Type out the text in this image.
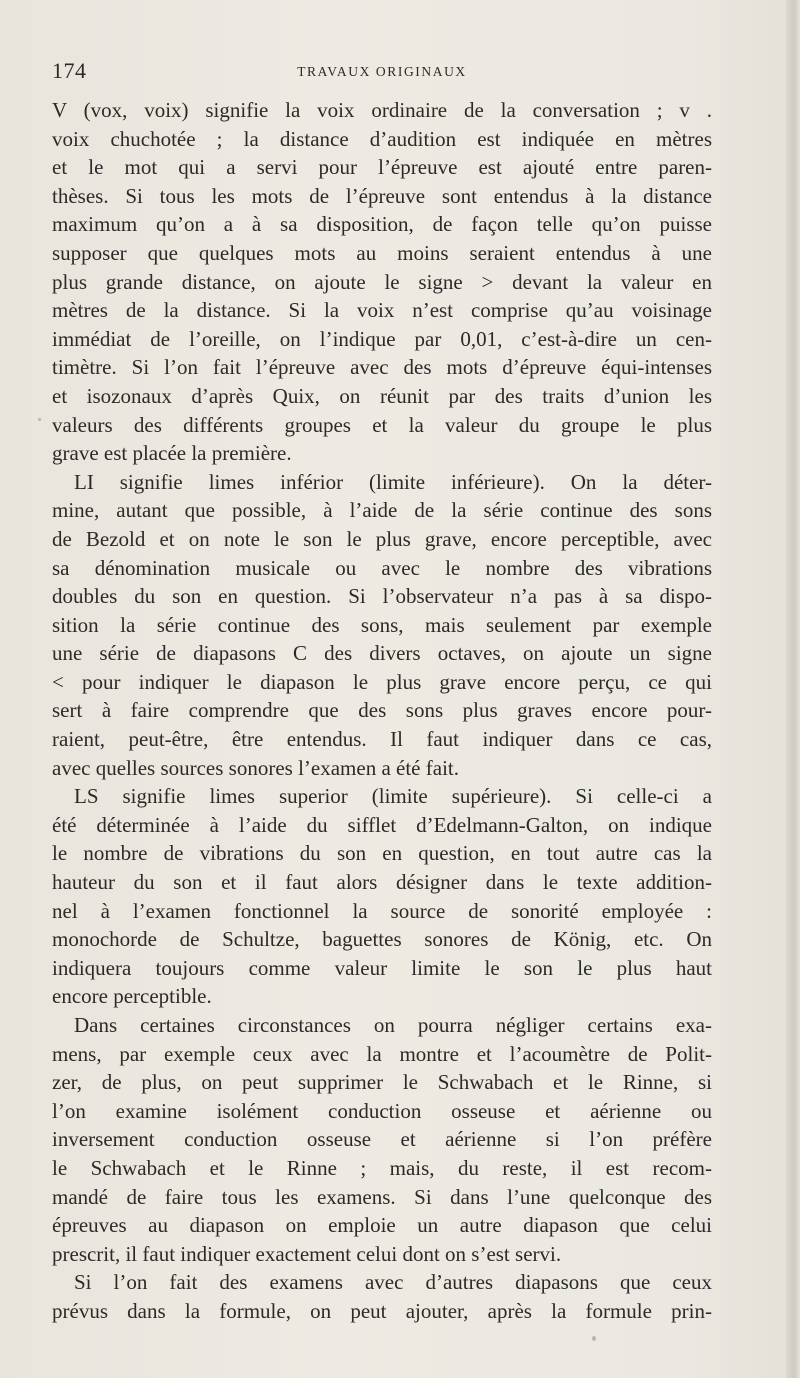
174	TRAVAUX ORIGINAUX
V (vox, voix) signifie la voix ordinaire de la conversation ; v .
voix chuchotée ; la distance d’audition est indiquée en mètres
et le mot qui a servi pour l’épreuve est ajouté entre paren-
thèses. Si tous les mots de l’épreuve sont entendus à la distance
maximum qu’on a à sa disposition, de façon telle qu’on puisse
supposer que quelques mots au moins seraient entendus à une
plus grande distance, on ajoute le signe > devant la valeur en
mètres de la distance. Si la voix n’est comprise qu’au voisinage
immédiat de l’oreille, on l’indique par 0,01, c’est-à-dire un cen-
timètre. Si l’on fait l’épreuve avec des mots d’épreuve équi-intenses
et isozonaux d’après Quix, on réunit par des traits d’union les
valeurs des différents groupes et la valeur du groupe le plus
grave est placée la première.
LI signifie limes inférior (limite inférieure). On la déter-
mine, autant que possible, à l’aide de la série continue des sons
de Bezold et on note le son le plus grave, encore perceptible, avec
sa dénomination musicale ou avec le nombre des vibrations
doubles du son en question. Si l’observateur n’a pas à sa dispo-
sition la série continue des sons, mais seulement par exemple
une série de diapasons C des divers octaves, on ajoute un signe
< pour indiquer le diapason le plus grave encore perçu, ce qui
sert à faire comprendre que des sons plus graves encore pour-
raient, peut-être, être entendus. Il faut indiquer dans ce cas,
avec quelles sources sonores l’examen a été fait.
LS signifie limes superior (limite supérieure). Si celle-ci a
été déterminée à l’aide du sifflet d’Edelmann-Galton, on indique
le nombre de vibrations du son en question, en tout autre cas la
hauteur du son et il faut alors désigner dans le texte addition-
nel à l’examen fonctionnel la source de sonorité employée :
monochorde de Schultze, baguettes sonores de König, etc. On
indiquera toujours comme valeur limite le son le plus haut
encore perceptible.
Dans certaines circonstances on pourra négliger certains exa-
mens, par exemple ceux avec la montre et l’acoumètre de Polit-
zer, de plus, on peut supprimer le Schwabach et le Rinne, si
l’on examine isolément conduction osseuse et aérienne ou
inversement conduction osseuse et aérienne si l’on préfère
le Schwabach et le Rinne ; mais, du reste, il est recom-
mandé de faire tous les examens. Si dans l’une quelconque des
épreuves au diapason on emploie un autre diapason que celui
prescrit, il faut indiquer exactement celui dont on s’est servi.
Si l’on fait des examens avec d’autres diapasons que ceux
prévus dans la formule, on peut ajouter, après la formule prin-
